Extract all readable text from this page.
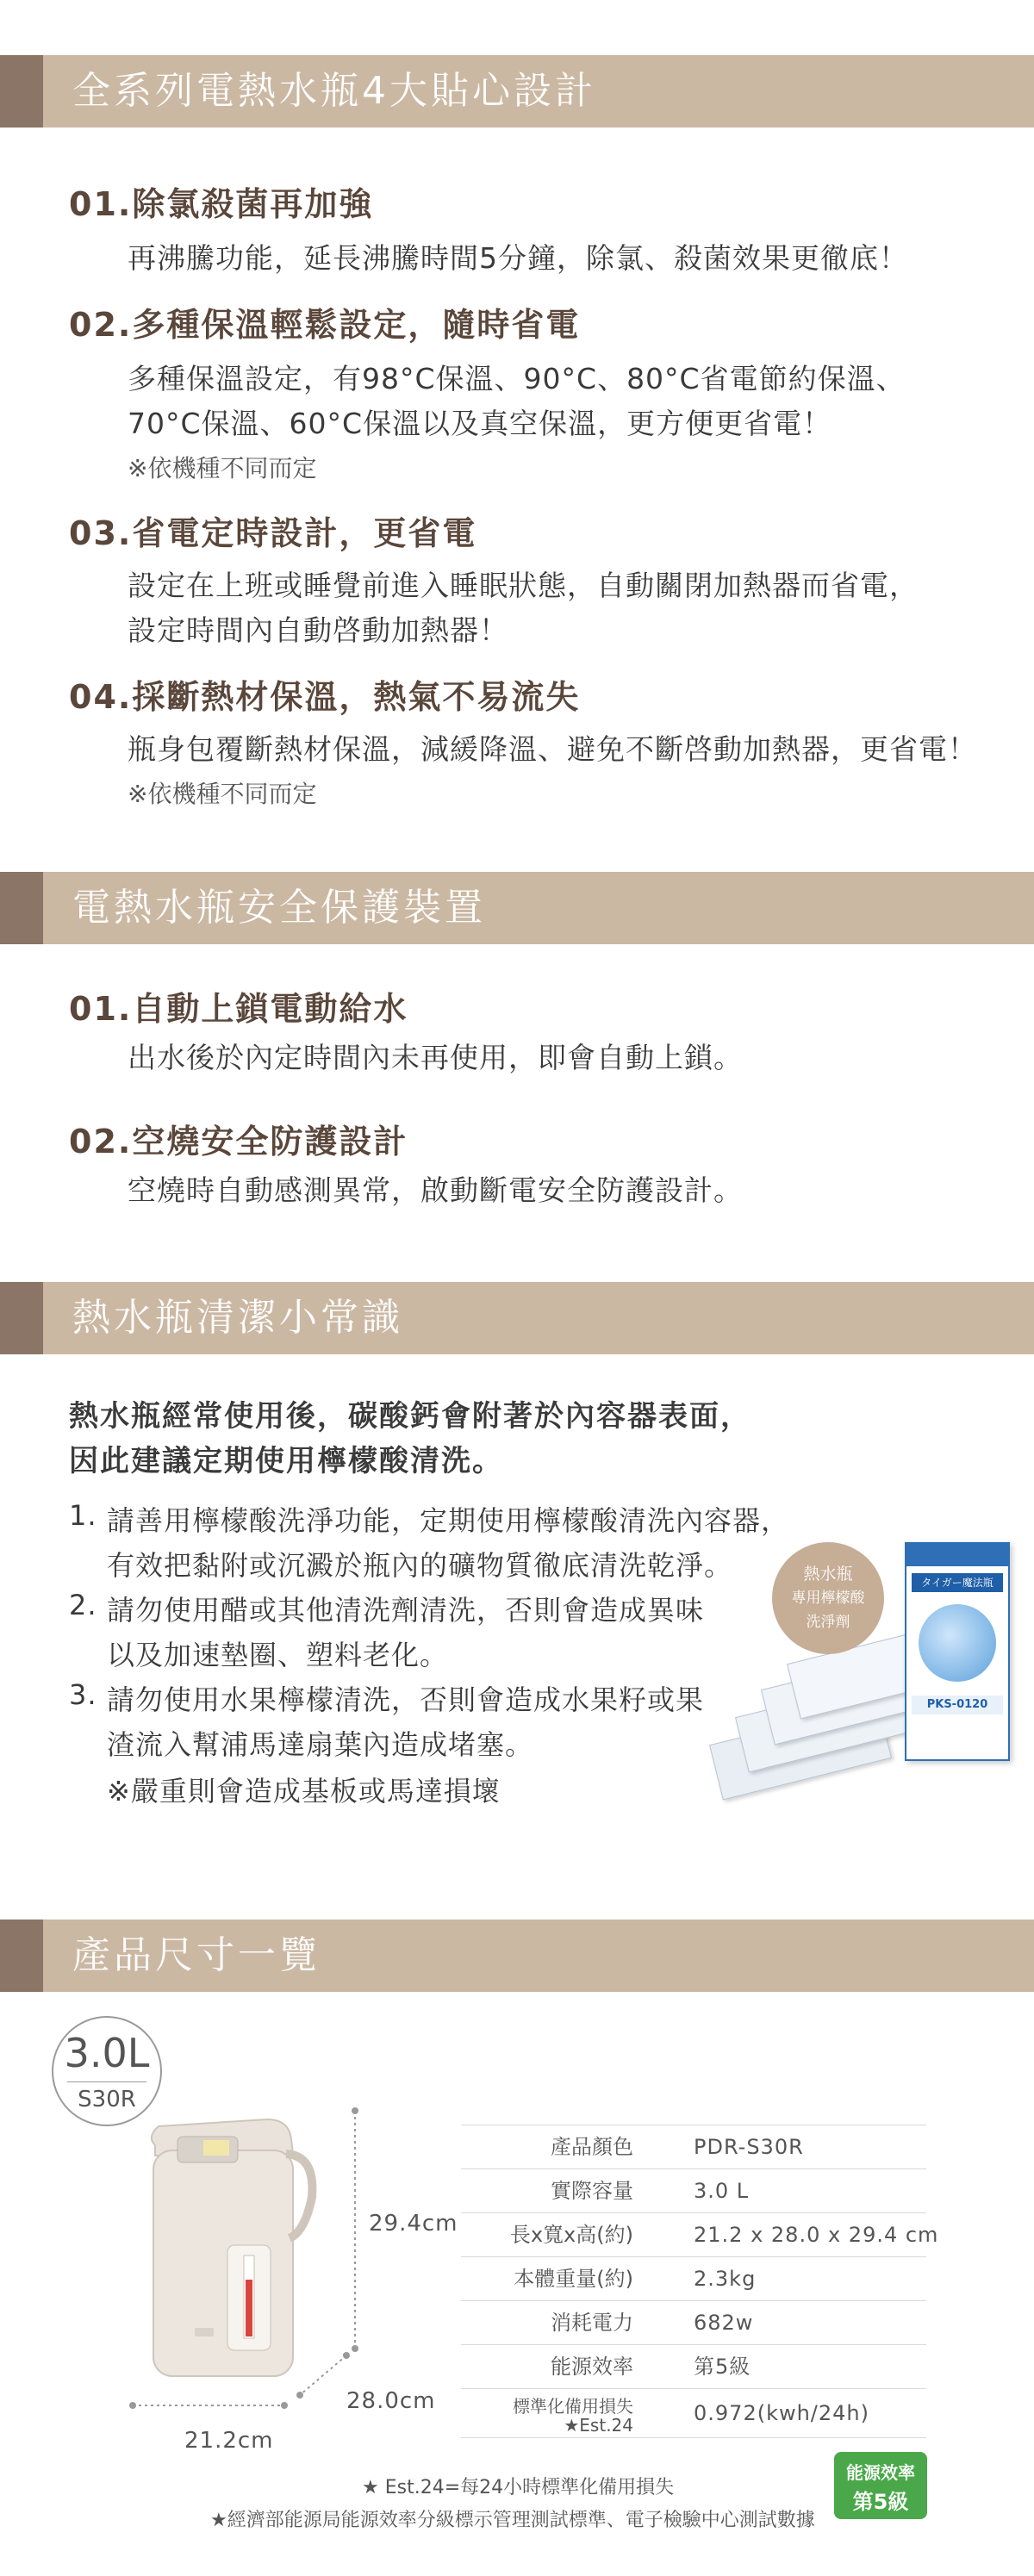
全系列電熱水瓶4大貼心設計
01.除氯殺菌再加強
再沸騰功能，延長沸騰時間5分鐘，除氯、殺菌效果更徹底！
02.多種保溫輕鬆設定，隨時省電
多種保溫設定，有98°C保溫、90°C、80°C省電節約保溫、
70°C保溫、60°C保溫以及真空保溫，更方便更省電！
※依機種不同而定
03.省電定時設計，更省電
設定在上班或睡覺前進入睡眠狀態，自動關閉加熱器而省電，
設定時間內自動啓動加熱器！
04.採斷熱材保溫，熱氣不易流失
瓶身包覆斷熱材保溫，減緩降溫、避免不斷啓動加熱器，更省電！
※依機種不同而定
電熱水瓶安全保護裝置
01.自動上鎖電動給水
出水後於內定時間內未再使用，即會自動上鎖。
02.空燒安全防護設計
空燒時自動感測異常，啟動斷電安全防護設計。
熱水瓶清潔小常識
熱水瓶經常使用後，碳酸鈣會附著於內容器表面，
因此建議定期使用檸檬酸清洗。
1. 請善用檸檬酸洗淨功能，定期使用檸檬酸清洗內容器，
有效把黏附或沉澱於瓶內的礦物質徹底清洗乾淨。
2. 請勿使用醋或其他清洗劑清洗，否則會造成異味
以及加速墊圈、塑料老化。
3. 請勿使用水果檸檬清洗，否則會造成水果籽或果
渣流入幫浦馬達扇葉內造成堵塞。
※嚴重則會造成基板或馬達損壞
タイガー魔法瓶
PKS-0120
熱水瓶
專用檸檬酸
洗淨劑
產品尺寸一覽
3.0L
S30R
29.4cm
28.0cm
21.2cm
產品顏色	PDR-S30R
實際容量	3.0 L
長x寬x高(約)	21.2 x 28.0 x 29.4 cm
本體重量(約)	2.3kg
消耗電力	682w
能源效率	第5級
標準化備用損失
★Est.24	0.972(kwh/24h)
★ Est.24=每24小時標準化備用損失
★經濟部能源局能源效率分級標示管理測試標準、電子檢驗中心測試數據
能源效率
第5級
